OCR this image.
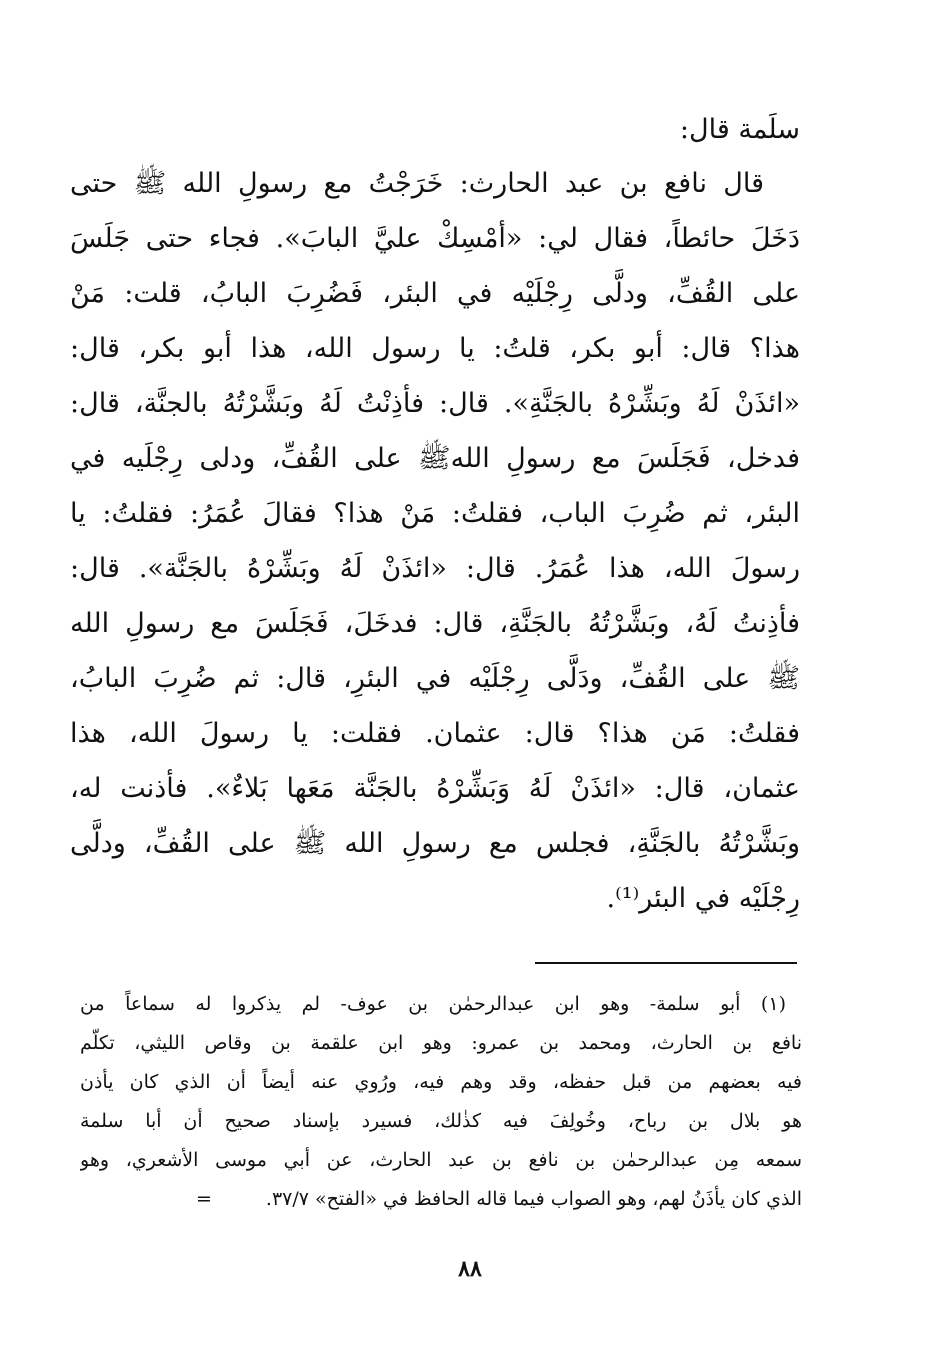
سلَمة قال:
قال نافع بن عبد الحارث: خَرَجْتُ مع رسولِ الله ﷺ حتى
دَخَلَ حائطاً، فقال لي: «أمْسِكْ عليَّ البابَ». فجاء حتى جَلَسَ
على القُفِّ، ودلَّى رِجْلَيْه في البئر، فَضُرِبَ البابُ، قلت: مَنْ
هذا؟ قال: أبو بكر، قلتُ: يا رسول الله، هذا أبو بكر، قال:
«ائذَنْ لَهُ وبَشِّرْهُ بالجَنَّةِ». قال: فأذِنْتُ لَهُ وبَشَّرْتُهُ بالجنَّة، قال:
فدخل، فَجَلَسَ مع رسولِ اللهﷺ على القُفِّ، ودلى رِجْلَيه في
البئر، ثم ضُرِبَ الباب، فقلتُ: مَنْ هذا؟ فقالَ عُمَرُ: فقلتُ: يا
رسولَ الله، هذا عُمَرُ. قال: «ائذَنْ لَهُ وبَشِّرْهُ بالجَنَّة». قال:
فأذِنتُ لَهُ، وبَشَّرْتُهُ بالجَنَّةِ، قال: فدخَلَ، فَجَلَسَ مع رسولِ الله
ﷺ على القُفِّ، ودَلَّى رِجْلَيْه في البئرِ، قال: ثم ضُرِبَ البابُ،
فقلتُ: مَن هذا؟ قال: عثمان. فقلت: يا رسولَ الله، هذا
عثمان، قال: «ائذَنْ لَهُ وَبَشِّرْهُ بالجَنَّة مَعَها بَلاءٌ». فأذنت له،
وبَشَّرْتُهُ بالجَنَّةِ، فجلس مع رسولِ الله ﷺ على القُفِّ، ودلَّى
رِجْلَيْه في البئر⁽¹⁾.
(١) أبو سلمة- وهو ابن عبدالرحمٰن بن عوف- لم يذكروا له سماعاً من
نافع بن الحارث، ومحمد بن عمرو: وهو ابن علقمة بن وقاص الليثي، تكلّم
فيه بعضهم من قبل حفظه، وقد وهم فيه، ورُوي عنه أيضاً أن الذي كان يأذن
هو بلال بن رباح، وخُولِفَ فيه كذٰلك، فسيرد بإسناد صحيح أن أبا سلمة
سمعه مِن عبدالرحمٰن بن نافع بن عبد الحارث، عن أبي موسى الأشعري، وهو
الذي كان يأذَنُ لهم، وهو الصواب فيما قاله الحافظ في «الفتح» ٣٧/٧. =
٨٨
